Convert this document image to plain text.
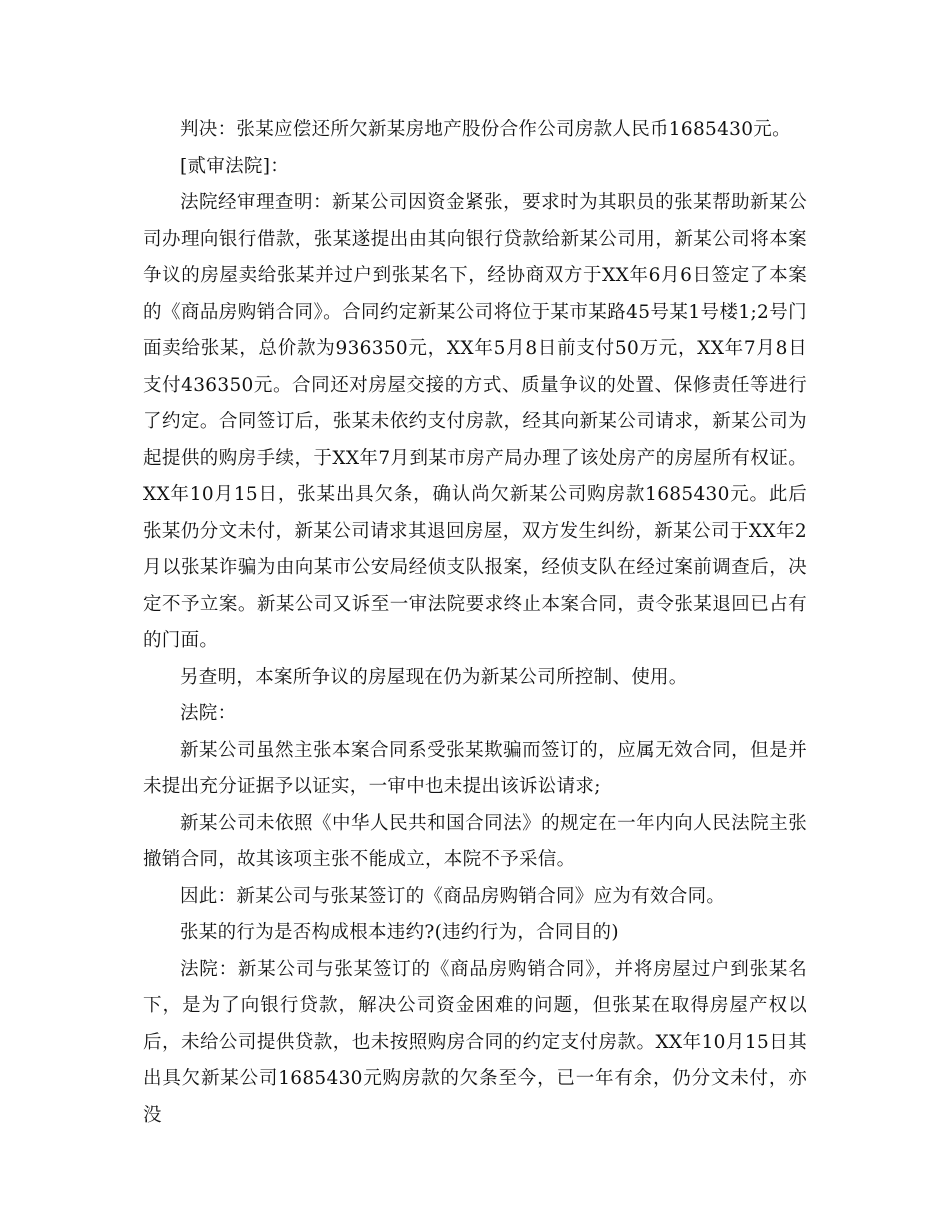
判决：张某应偿还所欠新某房地产股份合作公司房款人民币1685430元。

[贰审法院]：

法院经审理查明：新某公司因资金紧张，要求时为其职员的张某帮助新某公司办理向银行借款，张某遂提出由其向银行贷款给新某公司用，新某公司将本案争议的房屋卖给张某并过户到张某名下，经协商双方于XX年6月6日签定了本案的《商品房购销合同》。合同约定新某公司将位于某市某路45号某1号楼1;2号门面卖给张某，总价款为936350元，XX年5月8日前支付50万元，XX年7月8日支付436350元。合同还对房屋交接的方式、质量争议的处置、保修责任等进行了约定。合同签订后，张某未依约支付房款，经其向新某公司请求，新某公司为起提供的购房手续，于XX年7月到某市房产局办理了该处房产的房屋所有权证。XX年10月15日，张某出具欠条，确认尚欠新某公司购房款1685430元。此后张某仍分文未付，新某公司请求其退回房屋，双方发生纠纷，新某公司于XX年2月以张某诈骗为由向某市公安局经侦支队报案，经侦支队在经过案前调查后，决定不予立案。新某公司又诉至一审法院要求终止本案合同，责令张某退回已占有的门面。

另查明，本案所争议的房屋现在仍为新某公司所控制、使用。

法院：

新某公司虽然主张本案合同系受张某欺骗而签订的，应属无效合同，但是并未提出充分证据予以证实，一审中也未提出该诉讼请求;

新某公司未依照《中华人民共和国合同法》的规定在一年内向人民法院主张撤销合同，故其该项主张不能成立，本院不予采信。

因此：新某公司与张某签订的《商品房购销合同》应为有效合同。

张某的行为是否构成根本违约?(违约行为，合同目的)

法院：新某公司与张某签订的《商品房购销合同》，并将房屋过户到张某名下，是为了向银行贷款，解决公司资金困难的问题，但张某在取得房屋产权以后，未给公司提供贷款，也未按照购房合同的约定支付房款。XX年10月15日其出具欠新某公司1685430元购房款的欠条至今，已一年有余，仍分文未付，亦没
